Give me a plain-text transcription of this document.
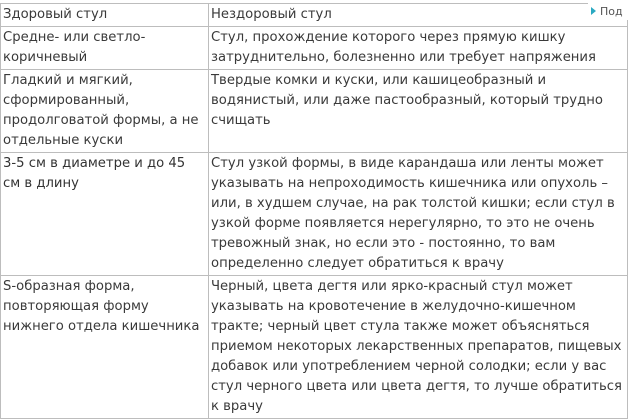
Здоровый стул	Нездоровый стул
Средне- или светло-коричневый	Стул, прохождение которого через прямую кишку затруднительно, болезненно или требует напряжения
Гладкий и мягкий, сформированный, продолговатой формы, а не отдельные куски	Твердые комки и куски, или кашицеобразный и водянистый, или даже пастообразный, который трудно счищать
3-5 см в диаметре и до 45 см в длину	Стул узкой формы, в виде карандаша или ленты может указывать на непроходимость кишечника или опухоль – или, в худшем случае, на рак толстой кишки; если стул в узкой форме появляется нерегулярно, то это не очень тревожный знак, но если это - постоянно, то вам определенно следует обратиться к врачу
S-образная форма, повторяющая форму нижнего отдела кишечника	Черный, цвета дегтя или ярко-красный стул может указывать на кровотечение в желудочно-кишечном тракте; черный цвет стула также может объясняться приемом некоторых лекарственных препаратов, пищевых добавок или употреблением черной солодки; если у вас стул черного цвета или цвета дегтя, то лучше обратиться к врачу
Под
